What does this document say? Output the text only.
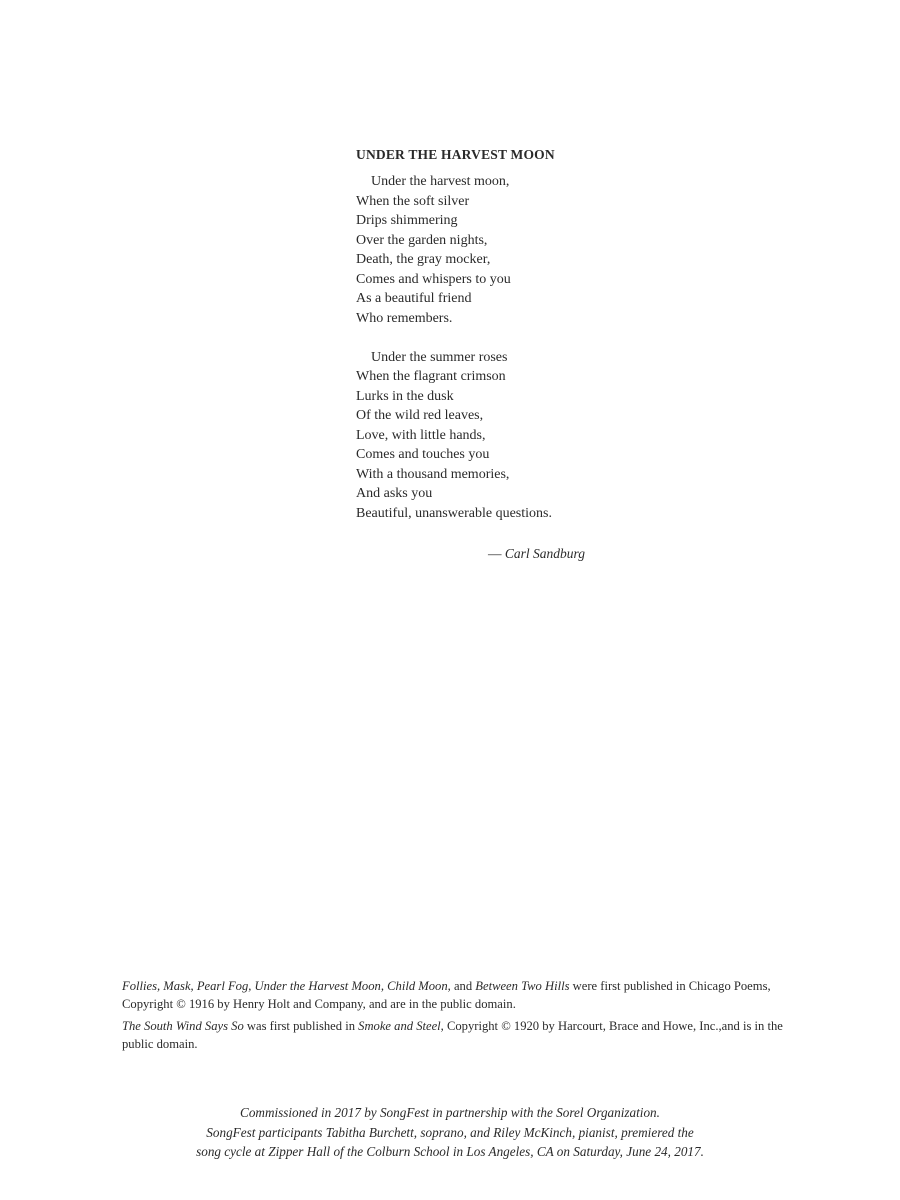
UNDER THE HARVEST MOON
Under the harvest moon,
When the soft silver
Drips shimmering
Over the garden nights,
Death, the gray mocker,
Comes and whispers to you
As a beautiful friend
Who remembers.
Under the summer roses
When the flagrant crimson
Lurks in the dusk
Of the wild red leaves,
Love, with little hands,
Comes and touches you
With a thousand memories,
And asks you
Beautiful, unanswerable questions.
— Carl Sandburg
Follies, Mask, Pearl Fog, Under the Harvest Moon, Child Moon, and Between Two Hills were first published in Chicago Poems, Copyright © 1916 by Henry Holt and Company, and are in the public domain.
The South Wind Says So was first published in Smoke and Steel, Copyright © 1920 by Harcourt, Brace and Howe, Inc.,and is in the public domain.
Commissioned in 2017 by SongFest in partnership with the Sorel Organization.
SongFest participants Tabitha Burchett, soprano, and Riley McKinch, pianist, premiered the
song cycle at Zipper Hall of the Colburn School in Los Angeles, CA on Saturday, June 24, 2017.
